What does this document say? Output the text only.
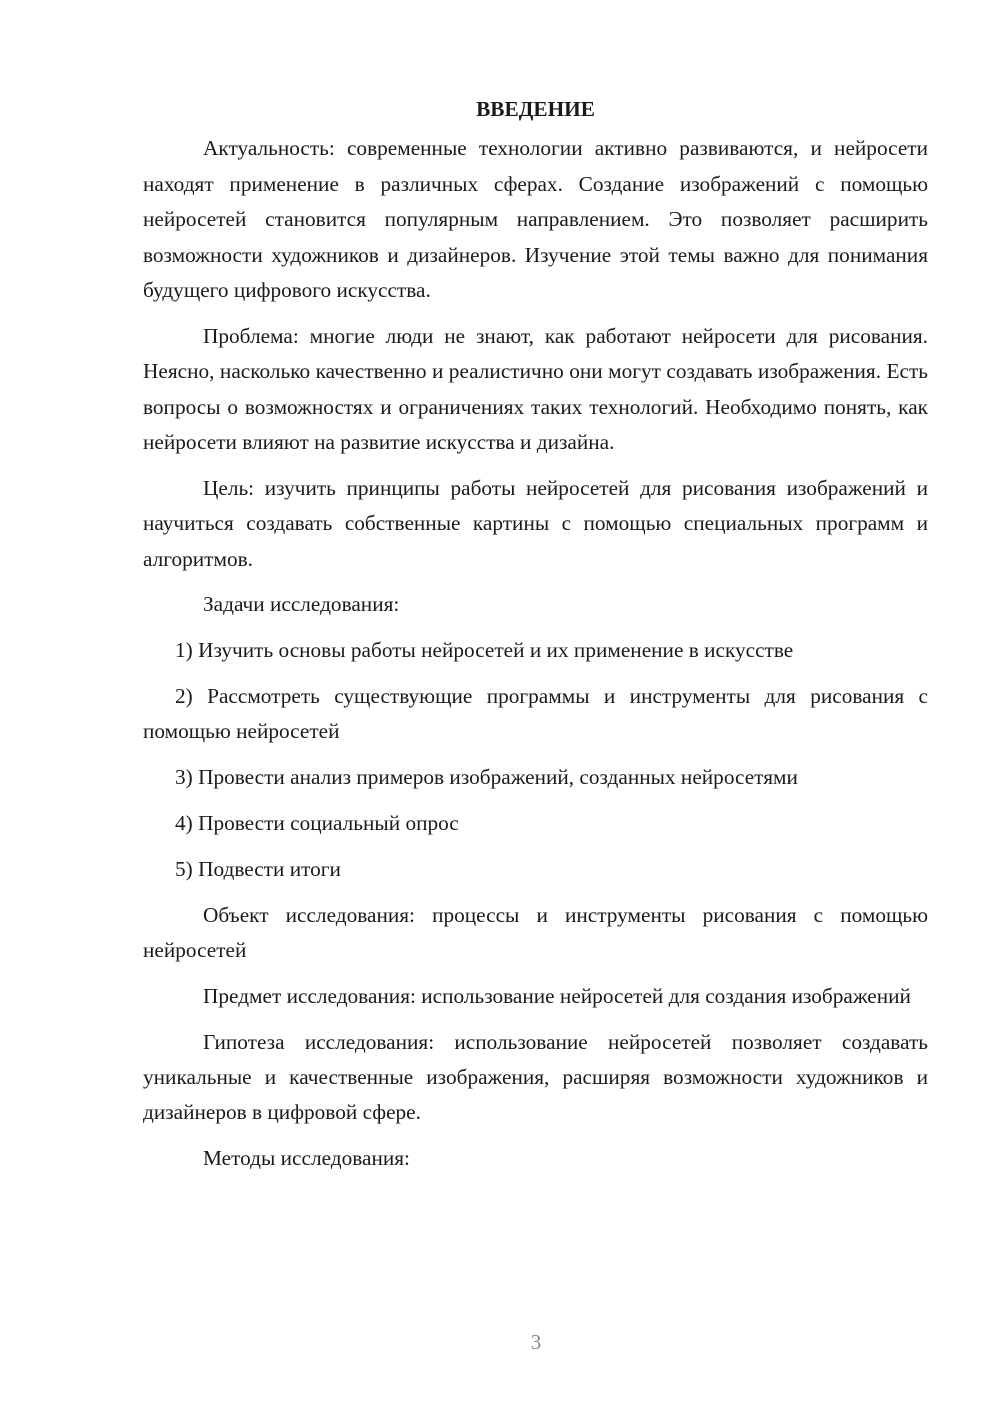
ВВЕДЕНИЕ

Актуальность: современные технологии активно развиваются, и нейросети находят применение в различных сферах. Создание изображений с помощью нейросетей становится популярным направлением. Это позволяет расширить возможности художников и дизайнеров. Изучение этой темы важно для понимания будущего цифрового искусства.

Проблема: многие люди не знают, как работают нейросети для рисования. Неясно, насколько качественно и реалистично они могут создавать изображения. Есть вопросы о возможностях и ограничениях таких технологий. Необходимо понять, как нейросети влияют на развитие искусства и дизайна.

Цель: изучить принципы работы нейросетей для рисования изображений и научиться создавать собственные картины с помощью специальных программ и алгоритмов.

Задачи исследования:

1) Изучить основы работы нейросетей и их применение в искусстве

2) Рассмотреть существующие программы и инструменты для рисования с помощью нейросетей

3) Провести анализ примеров изображений, созданных нейросетями

4) Провести социальный опрос

5) Подвести итоги

Объект исследования: процессы и инструменты рисования с помощью нейросетей

Предмет исследования: использование нейросетей для создания изображений

Гипотеза исследования: использование нейросетей позволяет создавать уникальные и качественные изображения, расширяя возможности художников и дизайнеров в цифровой сфере.

Методы исследования:

3
